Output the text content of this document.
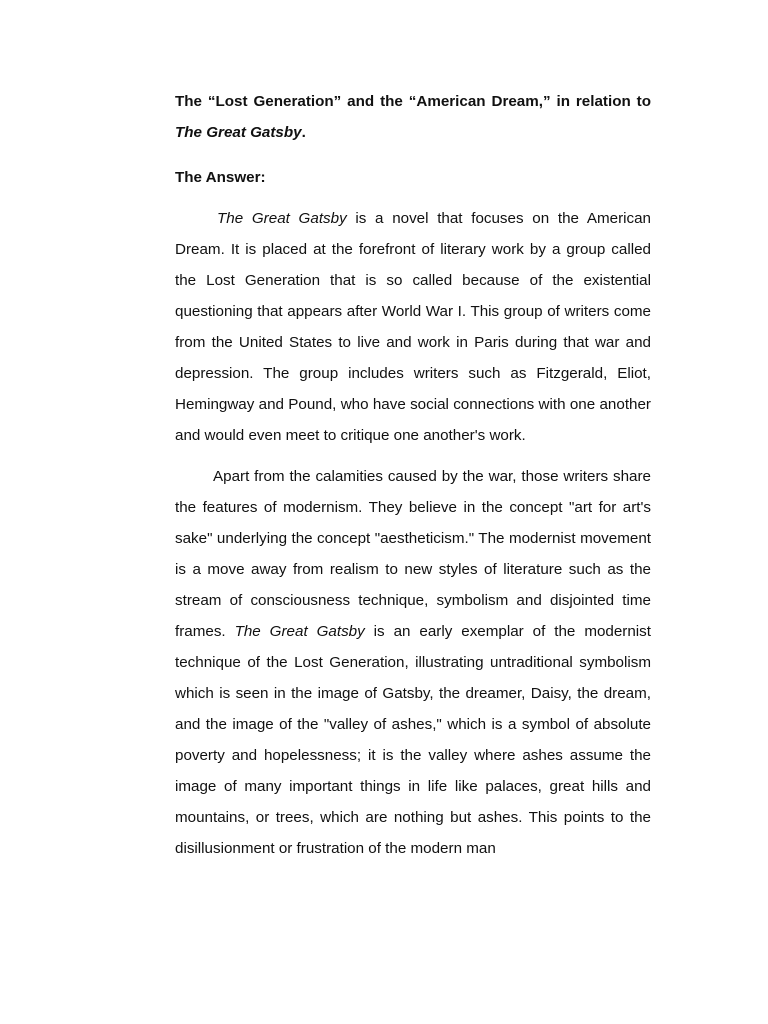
The “Lost Generation” and the “American Dream,” in relation to The Great Gatsby.

The Answer:

The Great Gatsby is a novel that focuses on the American Dream. It is placed at the forefront of literary work by a group called the Lost Generation that is so called because of the existential questioning that appears after World War I. This group of writers come from the United States to live and work in Paris during that war and depression. The group includes writers such as Fitzgerald, Eliot, Hemingway and Pound, who have social connections with one another and would even meet to critique one another's work.

Apart from the calamities caused by the war, those writers share the features of modernism. They believe in the concept "art for art's sake" underlying the concept "aestheticism." The modernist movement is a move away from realism to new styles of literature such as the stream of consciousness technique, symbolism and disjointed time frames. The Great Gatsby is an early exemplar of the modernist technique of the Lost Generation, illustrating untraditional symbolism which is seen in the image of Gatsby, the dreamer, Daisy, the dream, and the image of the "valley of ashes," which is a symbol of absolute poverty and hopelessness; it is the valley where ashes assume the image of many important things in life like palaces, great hills and mountains, or trees, which are nothing but ashes. This points to the disillusionment or frustration of the modern man
